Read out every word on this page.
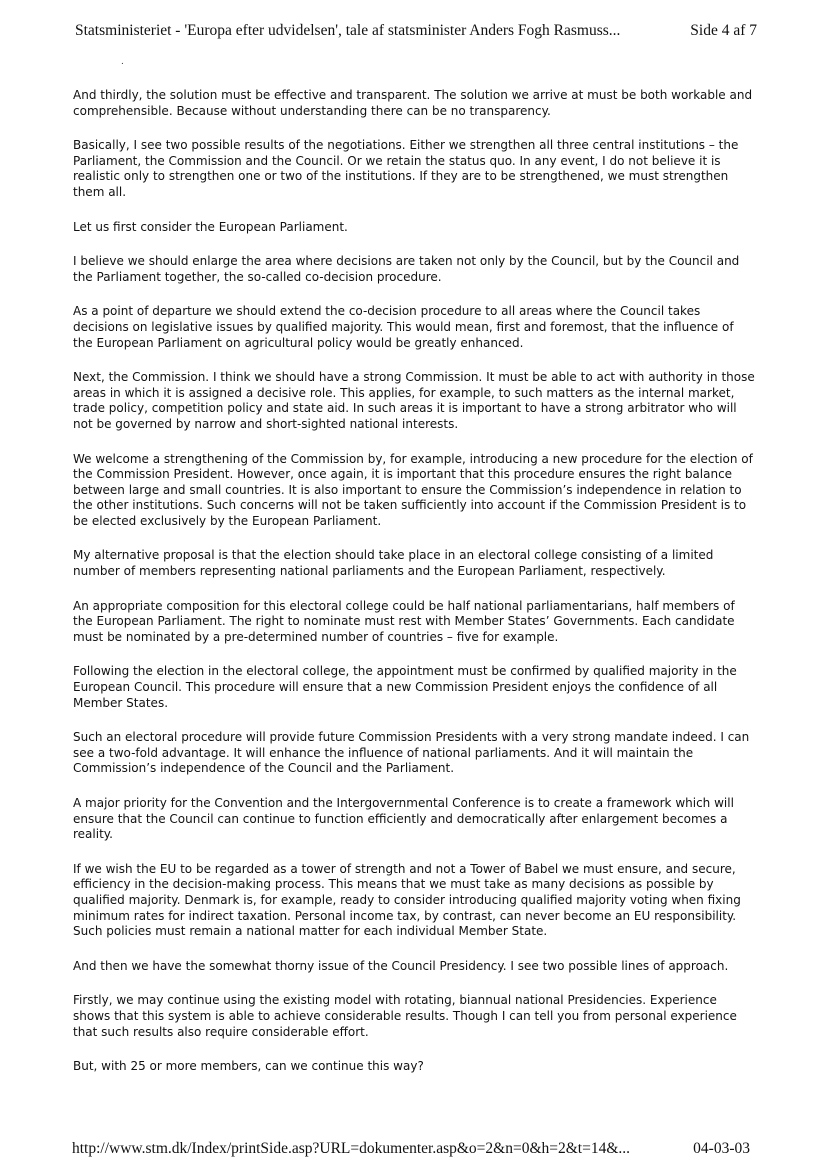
Statsministeriet - 'Europa efter udvidelsen', tale af statsminister Anders Fogh Rasmuss...	Side 4 af 7
.

And thirdly, the solution must be effective and transparent. The solution we arrive at must be both workable and comprehensible. Because without understanding there can be no transparency.

Basically, I see two possible results of the negotiations. Either we strengthen all three central institutions – the Parliament, the Commission and the Council. Or we retain the status quo. In any event, I do not believe it is realistic only to strengthen one or two of the institutions. If they are to be strengthened, we must strengthen them all.

Let us first consider the European Parliament.

I believe we should enlarge the area where decisions are taken not only by the Council, but by the Council and the Parliament together, the so-called co-decision procedure.

As a point of departure we should extend the co-decision procedure to all areas where the Council takes decisions on legislative issues by qualified majority. This would mean, first and foremost, that the influence of the European Parliament on agricultural policy would be greatly enhanced.

Next, the Commission. I think we should have a strong Commission. It must be able to act with authority in those areas in which it is assigned a decisive role. This applies, for example, to such matters as the internal market, trade policy, competition policy and state aid. In such areas it is important to have a strong arbitrator who will not be governed by narrow and short-sighted national interests.

We welcome a strengthening of the Commission by, for example, introducing a new procedure for the election of the Commission President. However, once again, it is important that this procedure ensures the right balance between large and small countries. It is also important to ensure the Commission’s independence in relation to the other institutions. Such concerns will not be taken sufficiently into account if the Commission President is to be elected exclusively by the European Parliament.

My alternative proposal is that the election should take place in an electoral college consisting of a limited number of members representing national parliaments and the European Parliament, respectively.

An appropriate composition for this electoral college could be half national parliamentarians, half members of the European Parliament. The right to nominate must rest with Member States’ Governments. Each candidate must be nominated by a pre-determined number of countries – five for example.

Following the election in the electoral college, the appointment must be confirmed by qualified majority in the European Council. This procedure will ensure that a new Commission President enjoys the confidence of all Member States.

Such an electoral procedure will provide future Commission Presidents with a very strong mandate indeed. I can see a two-fold advantage. It will enhance the influence of national parliaments. And it will maintain the Commission’s independence of the Council and the Parliament.

A major priority for the Convention and the Intergovernmental Conference is to create a framework which will ensure that the Council can continue to function efficiently and democratically after enlargement becomes a reality.

If we wish the EU to be regarded as a tower of strength and not a Tower of Babel we must ensure, and secure, efficiency in the decision-making process. This means that we must take as many decisions as possible by qualified majority. Denmark is, for example, ready to consider introducing qualified majority voting when fixing minimum rates for indirect taxation. Personal income tax, by contrast, can never become an EU responsibility. Such policies must remain a national matter for each individual Member State.

And then we have the somewhat thorny issue of the Council Presidency. I see two possible lines of approach.

Firstly, we may continue using the existing model with rotating, biannual national Presidencies. Experience shows that this system is able to achieve considerable results. Though I can tell you from personal experience that such results also require considerable effort.

But, with 25 or more members, can we continue this way?

http://www.stm.dk/Index/printSide.asp?URL=dokumenter.asp&o=2&n=0&h=2&t=14&...	04-03-03
